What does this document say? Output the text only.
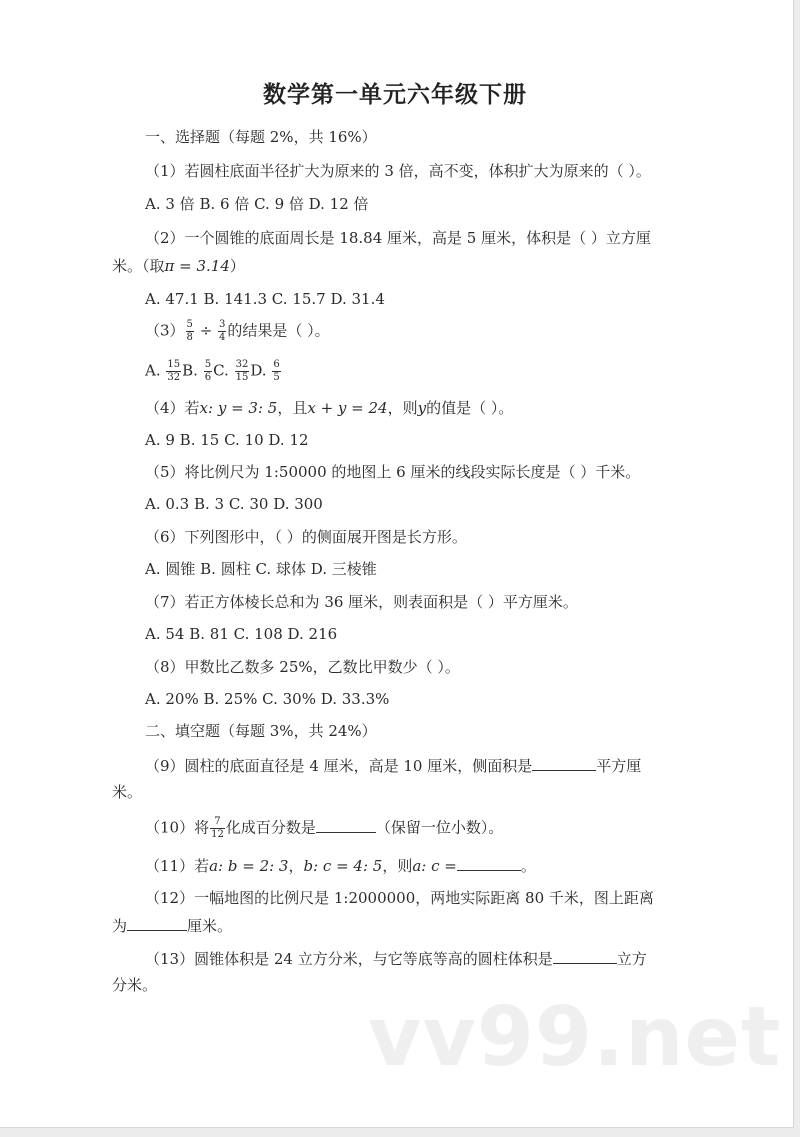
数学第一单元六年级下册
一、选择题（每题 2%，共 16%）
（1）若圆柱底面半径扩大为原来的 3 倍，高不变，体积扩大为原来的（ ）。
A. 3 倍 B. 6 倍 C. 9 倍 D. 12 倍
（2）一个圆锥的底面周长是 18.84 厘米，高是 5 厘米，体积是（ ）立方厘
米。（取π = 3.14）
A. 47.1 B. 141.3 C. 15.7 D. 31.4
$(3) \frac{5}{8} \div \frac{3}{4}$ 的结果是（ ）。
A. $\frac{15}{32} B$. $\frac{5}{6} C$. $\frac{32}{15} D$. $\frac{6}{5}$
（4）若x: y = 3: 5，且x + y = 24，则y的值是（ ）。
A. 9 B. 15 C. 10 D. 12
（5）将比例尺为 1:50000 的地图上 6 厘米的线段实际长度是（ ）千米。
A. 0.3 B. 3 C. 30 D. 300
（6）下列图形中，（ ）的侧面展开图是长方形。
A. 圆锥 B. 圆柱 C. 球体 D. 三棱锥
（7）若正方体棱长总和为 36 厘米，则表面积是（ ）平方厘米。
A. 54 B. 81 C. 108 D. 216
（8）甲数比乙数多 25%，乙数比甲数少（ ）。
A. 20% B. 25% C. 30% D. 33.3%
二、填空题（每题 3%，共 24%）
（9）圆柱的底面直径是 4 厘米，高是 10 厘米，侧面积是	平方厘
米。
（10）将 $\frac{7}{12}$ 化成百分数是	（保留一位小数）。
（11）若a: b = 2: 3，b: c = 4: 5，则a: c =	。
（12）一幅地图的比例尺是 1:2000000，两地实际距离 80 千米，图上距离
为	厘米。
（13）圆锥体积是 24 立方分米，与它等底等高的圆柱体积是	立方
分米。
vv99.net
